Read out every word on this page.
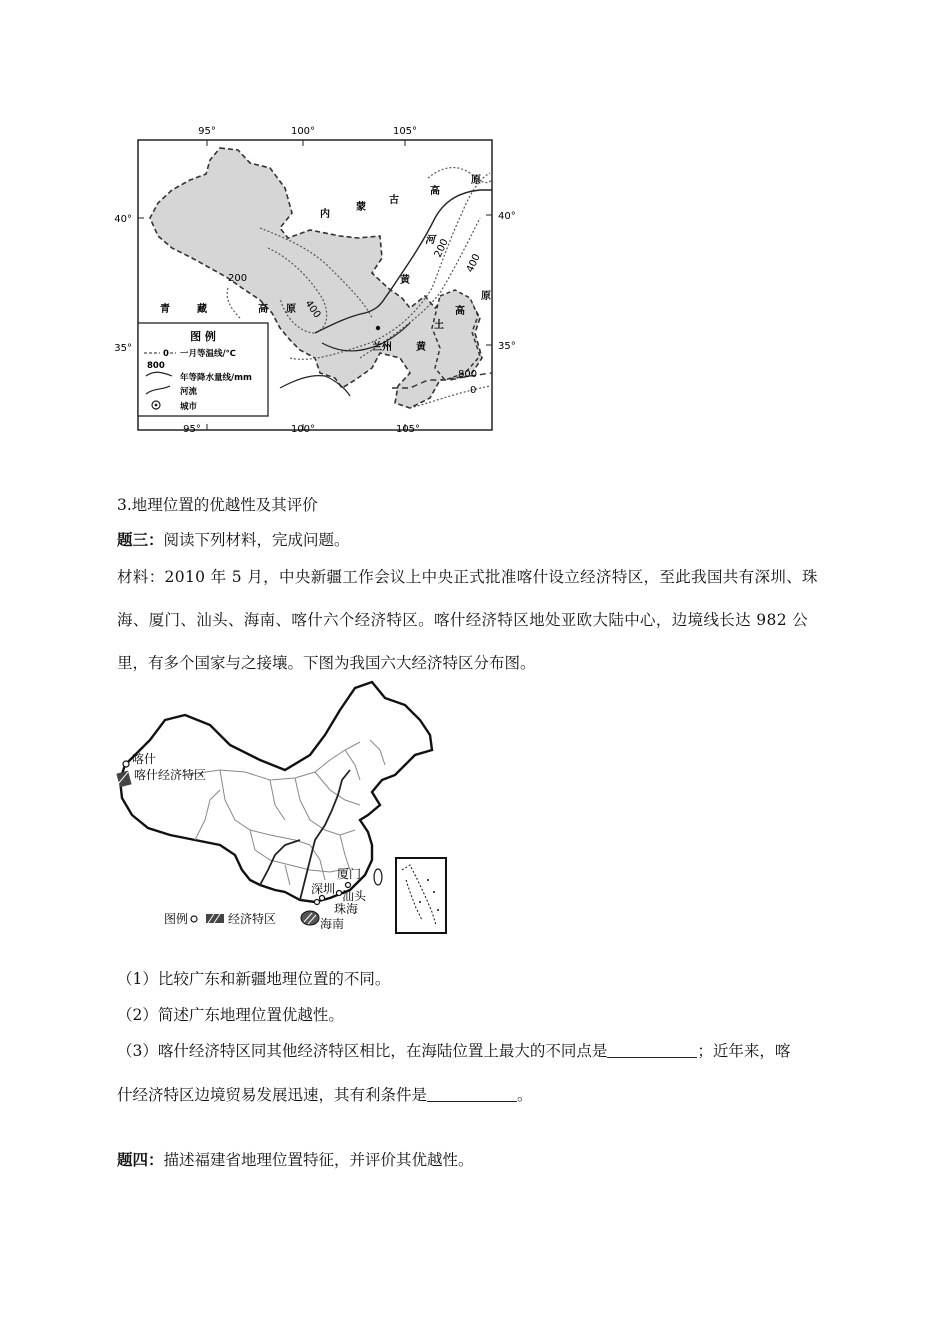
95°	100°	105°
95°	100°	105°
40°
35°
40°
35°
内
蒙
古
高
原
河
黄
土
高
原
兰州 黄
青	藏	高 原
200
400
200
400
800
0
图 例
0 一月等温线/℃
800
年等降水量线/mm
河流
城市
3.地理位置的优越性及其评价
题三：阅读下列材料，完成问题。
材料：2010 年 5 月，中央新疆工作会议上中央正式批准喀什设立经济特区，至此我国共有深圳、珠
海、厦门、汕头、海南、喀什六个经济特区。喀什经济特区地处亚欧大陆中心，边境线长达 982 公
里，有多个国家与之接壤。下图为我国六大经济特区分布图。
喀什
喀什经济特区
厦门
深圳 汕头
珠海
海南
图例	经济特区
（1）比较广东和新疆地理位置的不同。
（2）简述广东地理位置优越性。
（3）喀什经济特区同其他经济特区相比，在海陆位置上最大的不同点是	；近年来，喀
什经济特区边境贸易发展迅速，其有利条件是	。
题四：描述福建省地理位置特征，并评价其优越性。
